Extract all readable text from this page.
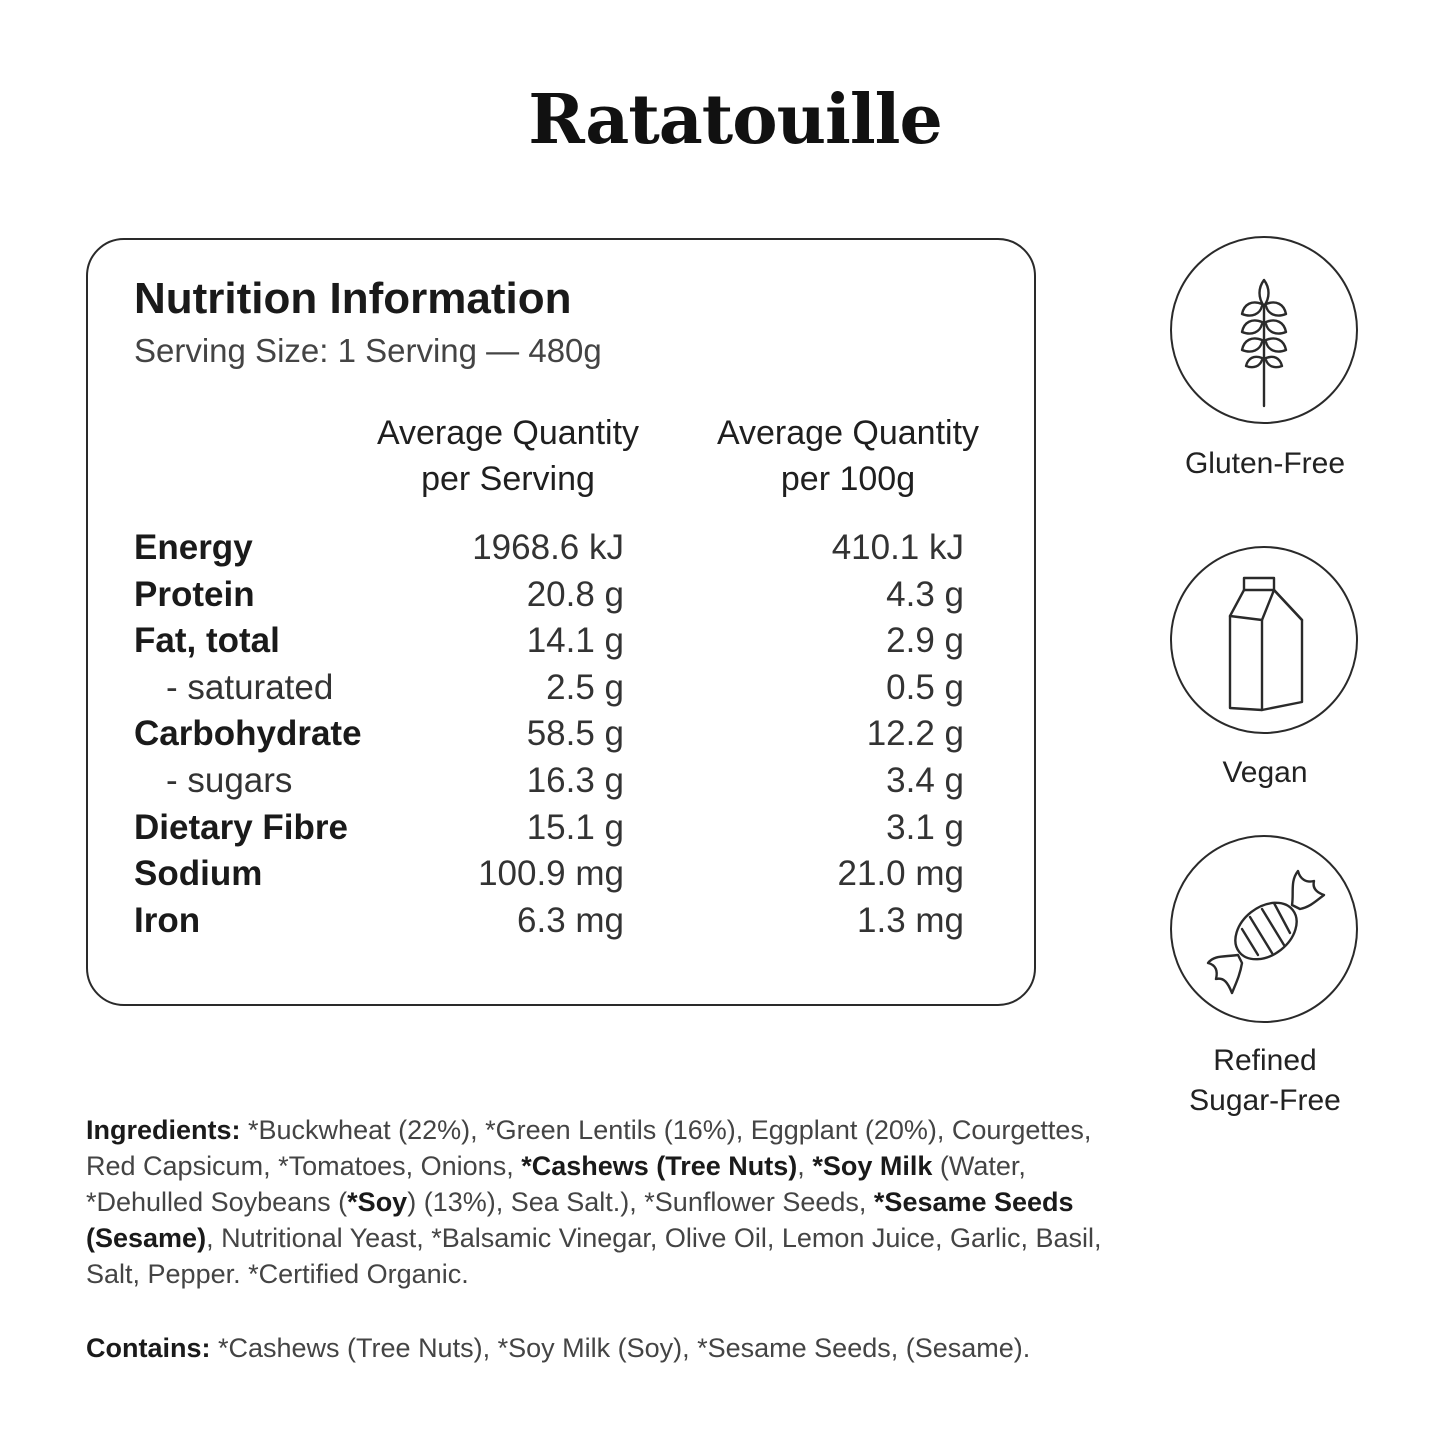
Ratatouille
Nutrition Information
Serving Size: 1 Serving — 480g
Average Quantity
per Serving
Average Quantity
per 100g
Energy	1968.6 kJ	410.1 kJ
Protein	20.8 g	4.3 g
Fat, total	14.1 g	2.9 g
- saturated	2.5 g	0.5 g
Carbohydrate	58.5 g	12.2 g
- sugars	16.3 g	3.4 g
Dietary Fibre	15.1 g	3.1 g
Sodium	100.9 mg	21.0 mg
Iron	6.3 mg	1.3 mg
Gluten-Free
Vegan
Refined
Sugar-Free
Ingredients: *Buckwheat (22%), *Green Lentils (16%), Eggplant (20%), Courgettes, Red Capsicum, *Tomatoes, Onions, *Cashews (Tree Nuts), *Soy Milk (Water, *Dehulled Soybeans (*Soy) (13%), Sea Salt.), *Sunflower Seeds, *Sesame Seeds (Sesame), Nutritional Yeast, *Balsamic Vinegar, Olive Oil, Lemon Juice, Garlic, Basil, Salt, Pepper. *Certified Organic.
Contains: *Cashews (Tree Nuts), *Soy Milk (Soy), *Sesame Seeds, (Sesame).
